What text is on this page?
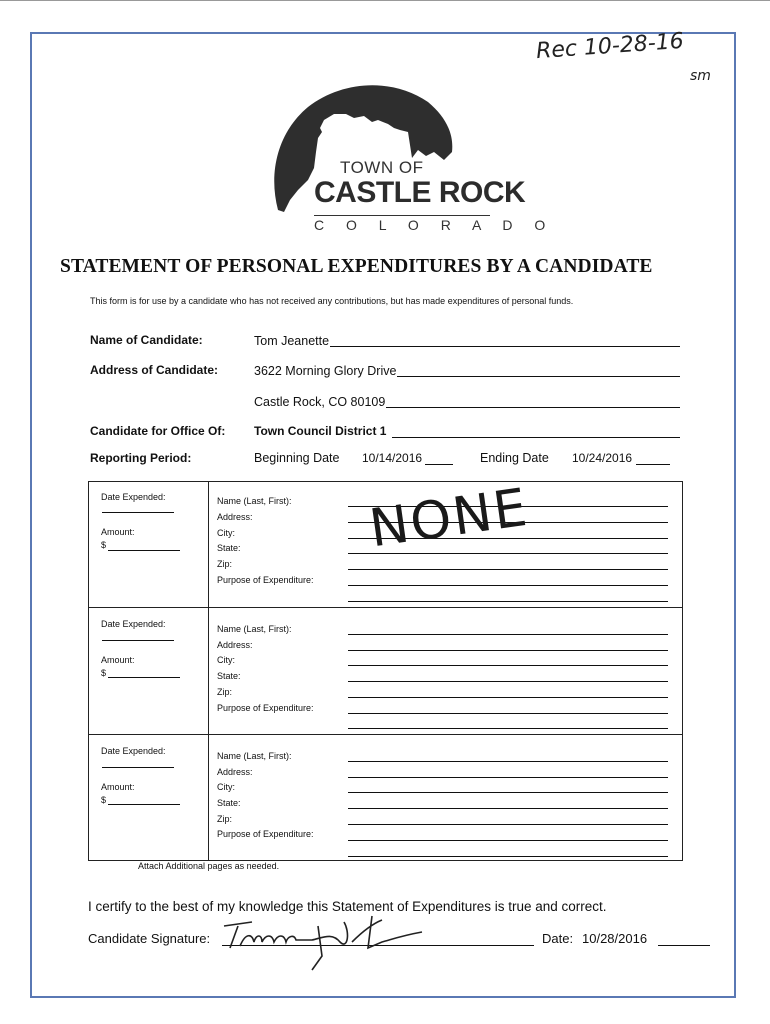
Rec 10-28-16
sm
TOWN OF
CASTLE ROCK
C O L O R A D O
STATEMENT OF PERSONAL EXPENDITURES BY A CANDIDATE
This form is for use by a candidate who has not received any contributions, but has made expenditures of personal funds.
Name of Candidate:	Tom Jeanette
Address of Candidate:	3622 Morning Glory Drive
Castle Rock, CO 80109
Candidate for Office Of: Town Council District 1
Reporting Period:	Beginning Date 10/14/2016	Ending Date 10/24/2016
Date Expended:
Amount:
$
Name (Last, First):
Address:
City:
State:
Zip:
Purpose of Expenditure:
NONE
Date Expended:
Amount:
$
Name (Last, First):
Address:
City:
State:
Zip:
Purpose of Expenditure:
Date Expended:
Amount:
$
Name (Last, First):
Address:
City:
State:
Zip:
Purpose of Expenditure:
Attach Additional pages as needed.
I certify to the best of my knowledge this Statement of Expenditures is true and correct.
Candidate Signature:	Date: 10/28/2016
